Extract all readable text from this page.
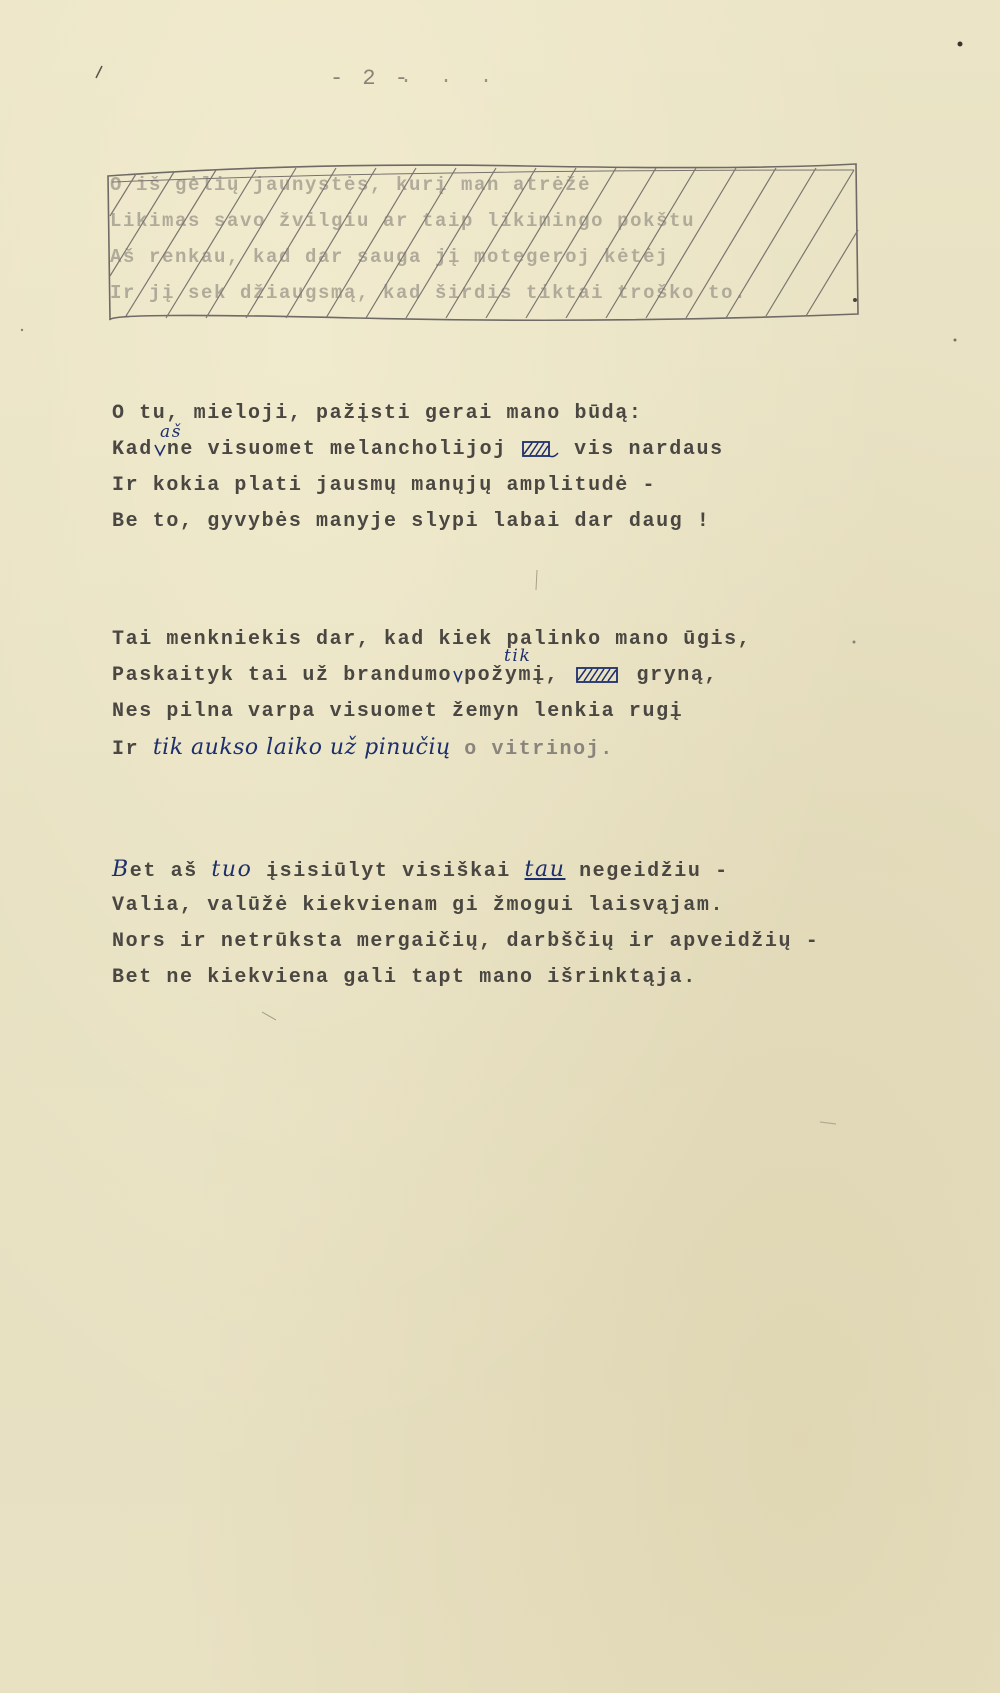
- 2 -
. . .
O iš gėlių jaunystės, kurį man atrėžė
Likimas savo žvilgiu ar taip likimingo pokštu
Aš renkau, kad dar sauga jį motegeroj kėtėj
Ir jį sek džiaugsmą, kad širdis tiktai troško to.
O tu, mieloji, pažįsti gerai mano būdą:
Kad
aš
ne visuomet melancholijoj	vis nardaus
Ir kokia plati jausmų manųjų amplitudė -
Be to, gyvybės manyje slypi labai dar daug !
Tai menkniekis dar, kad kiek palinko mano ūgis,
Paskaityk tai už brandumo
tik
požymį,	gryną,
Nes pilna varpa visuomet žemyn lenkia rugį
Ir tik aukso laiko už pinučių o vitrinoj.
Bet aš tuo įsisiūlyt visiškai tau negeidžiu -
Valia, valūžė kiekvienam gi žmogui laisvąjam.
Nors ir netrūksta mergaičių, darbščių ir apveidžių -
Bet ne kiekviena gali tapt mano išrinktąja.
